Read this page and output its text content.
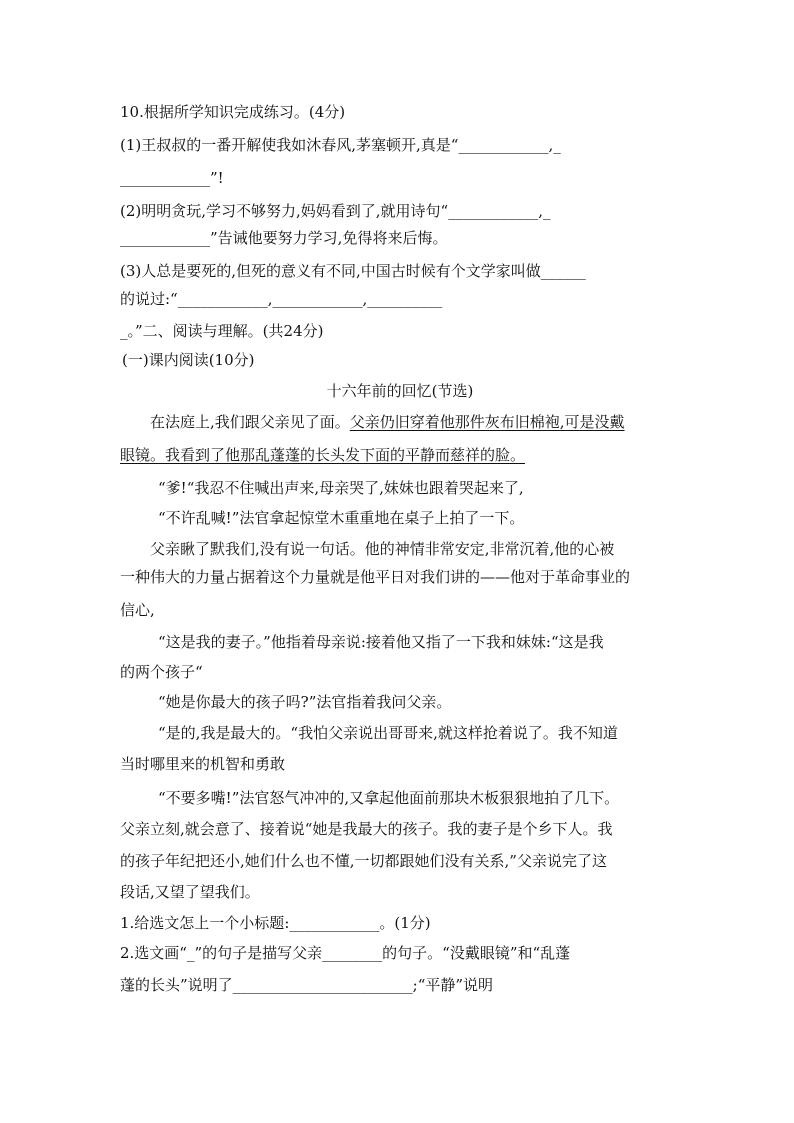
10.根据所学知识完成练习。(4分)
(1)王叔叔的一番开解使我如沐春风,茅塞顿开,真是“____________,_
____________”!
(2)明明贪玩,学习不够努力,妈妈看到了,就用诗句“____________,_
____________”告诫他要努力学习,免得将来后悔。
(3)人总是要死的,但死的意义有不同,中国古时候有个文学家叫做______
的说过:“____________,____________,__________
_。”二、阅读与理解。(共24分)
(一)课内阅读(10分)
十六年前的回忆(节选)
在法庭上,我们跟父亲见了面。父亲仍旧穿着他那件灰布旧棉袍,可是没戴
眼镜。我看到了他那乱蓬蓬的长头发下面的平静而慈祥的脸。
“爹!“我忍不住喊出声来,母亲哭了,妹妹也跟着哭起来了,
“不许乱喊!”法官拿起惊堂木重重地在桌子上拍了一下。
父亲瞅了默我们,没有说一句话。他的神情非常安定,非常沉着,他的心被
一种伟大的力量占据着这个力量就是他平日对我们讲的——他对于革命事业的
信心,
“这是我的妻子。”他指着母亲说:接着他又指了一下我和妹妹:“这是我
的两个孩子“
“她是你最大的孩子吗?”法官指着我问父亲。
“是的,我是最大的。“我怕父亲说出哥哥来,就这样抢着说了。我不知道
当时哪里来的机智和勇敢
“不要多嘴!”法官怒气冲冲的,又拿起他面前那块木板狠狠地拍了几下。
父亲立刻,就会意了、接着说“她是我最大的孩子。我的妻子是个乡下人。我
的孩子年纪把还小,她们什么也不懂,一切都跟她们没有关系,”父亲说完了这
段话,又望了望我们。
1.给选文怎上一个小标题:____________。(1分)
2.选文画“_”的句子是描写父亲________的句子。“没戴眼镜”和“乱蓬
蓬的长头”说明了________________________;“平静”说明
